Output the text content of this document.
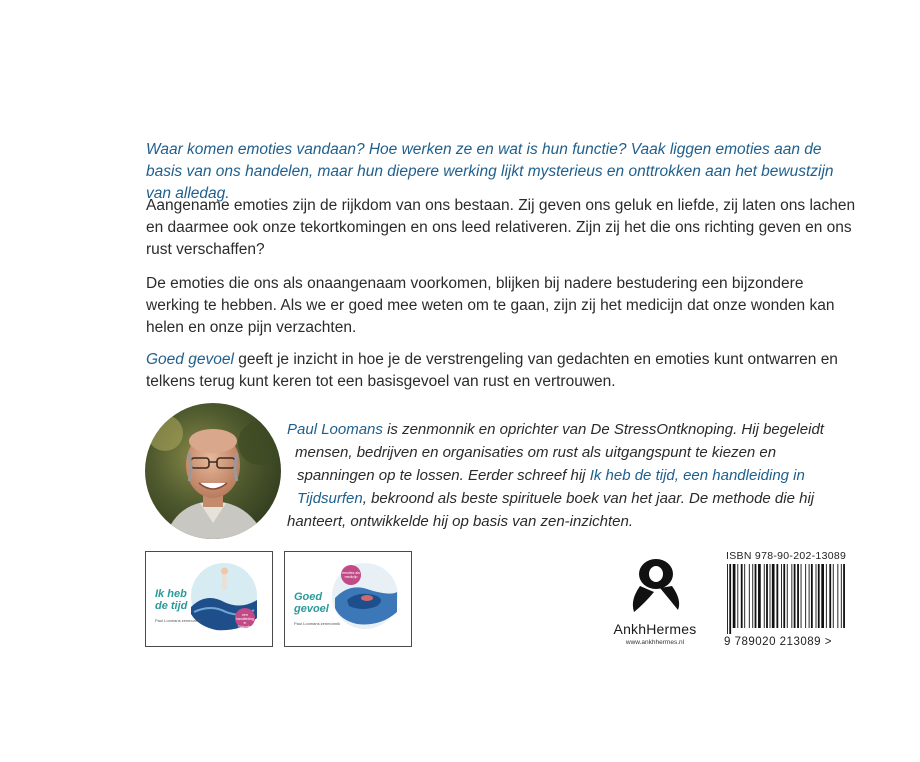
Waar komen emoties vandaan? Hoe werken ze en wat is hun functie? Vaak liggen emoties aan de basis van ons handelen, maar hun diepere werking lijkt mysterieus en onttrokken aan het bewustzijn van alledag.
Aangename emoties zijn de rijkdom van ons bestaan. Zij geven ons geluk en liefde, zij laten ons lachen en daarmee ook onze tekortkomingen en ons leed relativeren. Zijn zij het die ons richting geven en ons rust verschaffen?
De emoties die ons als onaangenaam voorkomen, blijken bij nadere bestudering een bijzondere werking te hebben. Als we er goed mee weten om te gaan, zijn zij het medicijn dat onze wonden kan helen en onze pijn verzachten.
Goed gevoel geeft je inzicht in hoe je de verstrengeling van gedachten en emoties kunt ontwarren en telkens terug kunt keren tot een basisgevoel van rust en vertrouwen.
Paul Loomans is zenmonnik en oprichter van De StressOntknoping. Hij begeleidt
mensen, bedrijven en organisaties om rust als uitgangspunt te kiezen en
spanningen op te lossen. Eerder schreef hij Ik heb de tijd, een handleiding in
Tijdsurfen, bekroond als beste spirituele boek van het jaar. De methode die hij
hanteert, ontwikkelde hij op basis van zen-inzichten.
Ik heb
de tijd
Paul Loomans zenmonnik
een handleiding in Tijdsurfen
Goed
gevoel
Paul Loomans zenmonnik
emoties als medicijn
AnkhHermes
www.ankhhermes.nl
ISBN 978-90-202-13089
9 789020 213089 >
